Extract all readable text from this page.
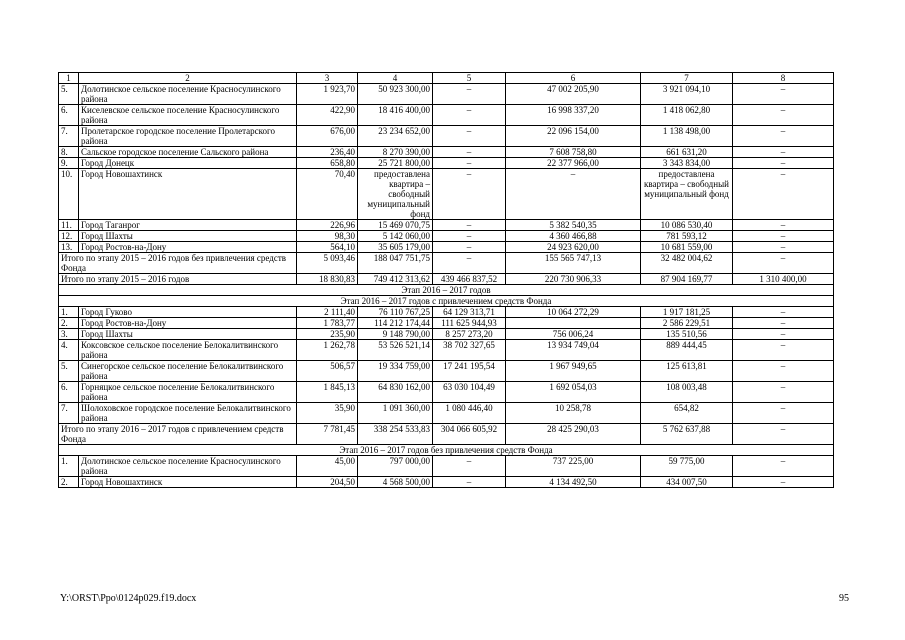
1	2	3	4	5	6	7	8
5.	Долотинское сельское поселение Красносулинского района	1 923,70	50 923 300,00	–	47 002 205,90	3 921 094,10	–
6.	Киселевское сельское поселение Красносулинского района	422,90	18 416 400,00	–	16 998 337,20	1 418 062,80	–
7.	Пролетарское городское поселение Пролетарского района	676,00	23 234 652,00	–	22 096 154,00	1 138 498,00	–
8.	Сальское городское поселение Сальского района	236,40	8 270 390,00	–	7 608 758,80	661 631,20	–
9.	Город Донецк	658,80	25 721 800,00	–	22 377 966,00	3 343 834,00	–
10.	Город Новошахтинск	70,40	предоставлена квартира – свободный муниципальный фонд	–	–	предоставлена квартира – свободный муниципальный фонд	–
11.	Город Таганрог	226,96	15 469 070,75	–	5 382 540,35	10 086 530,40	–
12.	Город Шахты	98,30	5 142 060,00	–	4 360 466,88	781 593,12	–
13.	Город Ростов-на-Дону	564,10	35 605 179,00	–	24 923 620,00	10 681 559,00	–
Итого по этапу 2015 – 2016 годов без привлечения средств Фонда		5 093,46	188 047 751,75	–	155 565 747,13	32 482 004,62	–
Итого по этапу 2015 – 2016 годов		18 830,83	749 412 313,62	439 466 837,52	220 730 906,33	87 904 169,77	1 310 400,00
Этап 2016 – 2017 годов							
Этап 2016 – 2017 годов с привлечением средств Фонда							
1.	Город Гуково	2 111,40	76 110 767,25	64 129 313,71	10 064 272,29	1 917 181,25	–
2.	Город Ростов-на-Дону	1 783,77	114 212 174,44	111 625 944,93		2 586 229,51	–
3.	Город Шахты	235,90	9 148 790,00	8 257 273,20	756 006,24	135 510,56	–
4.	Коксовское сельское поселение Белокалитвинского района	1 262,78	53 526 521,14	38 702 327,65	13 934 749,04	889 444,45	–
5.	Синегорское сельское поселение Белокалитвинского района	506,57	19 334 759,00	17 241 195,54	1 967 949,65	125 613,81	–
6.	Горняцкое сельское поселение Белокалитвинского района	1 845,13	64 830 162,00	63 030 104,49	1 692 054,03	108 003,48	–
7.	Шолоховское городское поселение Белокалитвинского района	35,90	1 091 360,00	1 080 446,40	10 258,78	654,82	–
Итого по этапу 2016 – 2017 годов с привлечением средств Фонда		7 781,45	338 254 533,83	304 066 605,92	28 425 290,03	5 762 637,88	–
Этап 2016 – 2017 годов без привлечения средств Фонда							
1.	Долотинское сельское поселение Красносулинского района	45,00	797 000,00	–	737 225,00	59 775,00	–
2.	Город Новошахтинск	204,50	4 568 500,00	–	4 134 492,50	434 007,50	–
Y:\ORST\Ppo\0124p029.f19.docx	95
